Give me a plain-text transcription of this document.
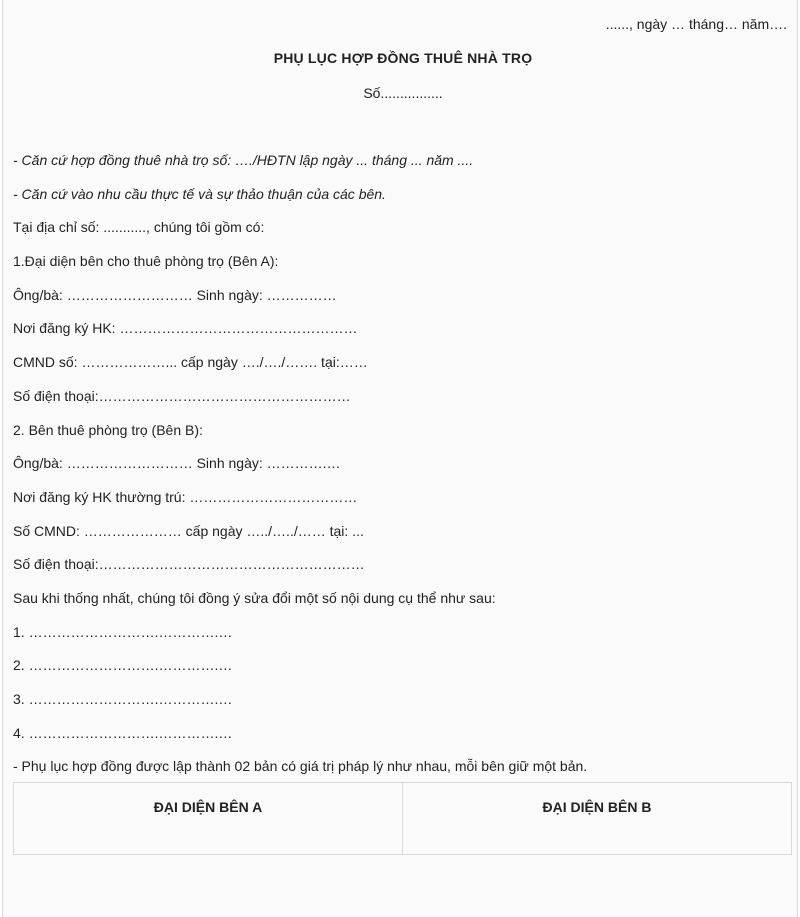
......, ngày … tháng… năm….
PHỤ LỤC HỢP ĐỒNG THUÊ NHÀ TRỌ
Số................
- Căn cứ hợp đồng thuê nhà trọ số: …./HĐTN lập ngày ... tháng ... năm ....
- Căn cứ vào nhu cầu thực tế và sự thảo thuận của các bên.
Tại địa chỉ số: ..........., chúng tôi gồm có:
1.Đại diện bên cho thuê phòng trọ (Bên A):
Ông/bà: ……………………… Sinh ngày: ……………
Nơi đăng ký HK: ……………………………………………
CMND số: ………………... cấp ngày …./…./……. tại:……
Số điện thoại:………………………………………………
2. Bên thuê phòng trọ (Bên B):
Ông/bà: ……………………… Sinh ngày: ………….…
Nơi đăng ký HK thường trú: ………………………………
Số CMND: ………………… cấp ngày …../…../…… tại: ...
Số điện thoại:…………………………………………………
Sau khi thống nhất, chúng tôi đồng ý sửa đổi một số nội dung cụ thể như sau:
1. ……………………….………….…
2. ……………………….………….…
3. ……………………….………….…
4. ……………………….………….…
- Phụ lục hợp đồng được lập thành 02 bản có giá trị pháp lý như nhau, mỗi bên giữ một bản.
ĐẠI DIỆN BÊN A	ĐẠI DIỆN BÊN B
